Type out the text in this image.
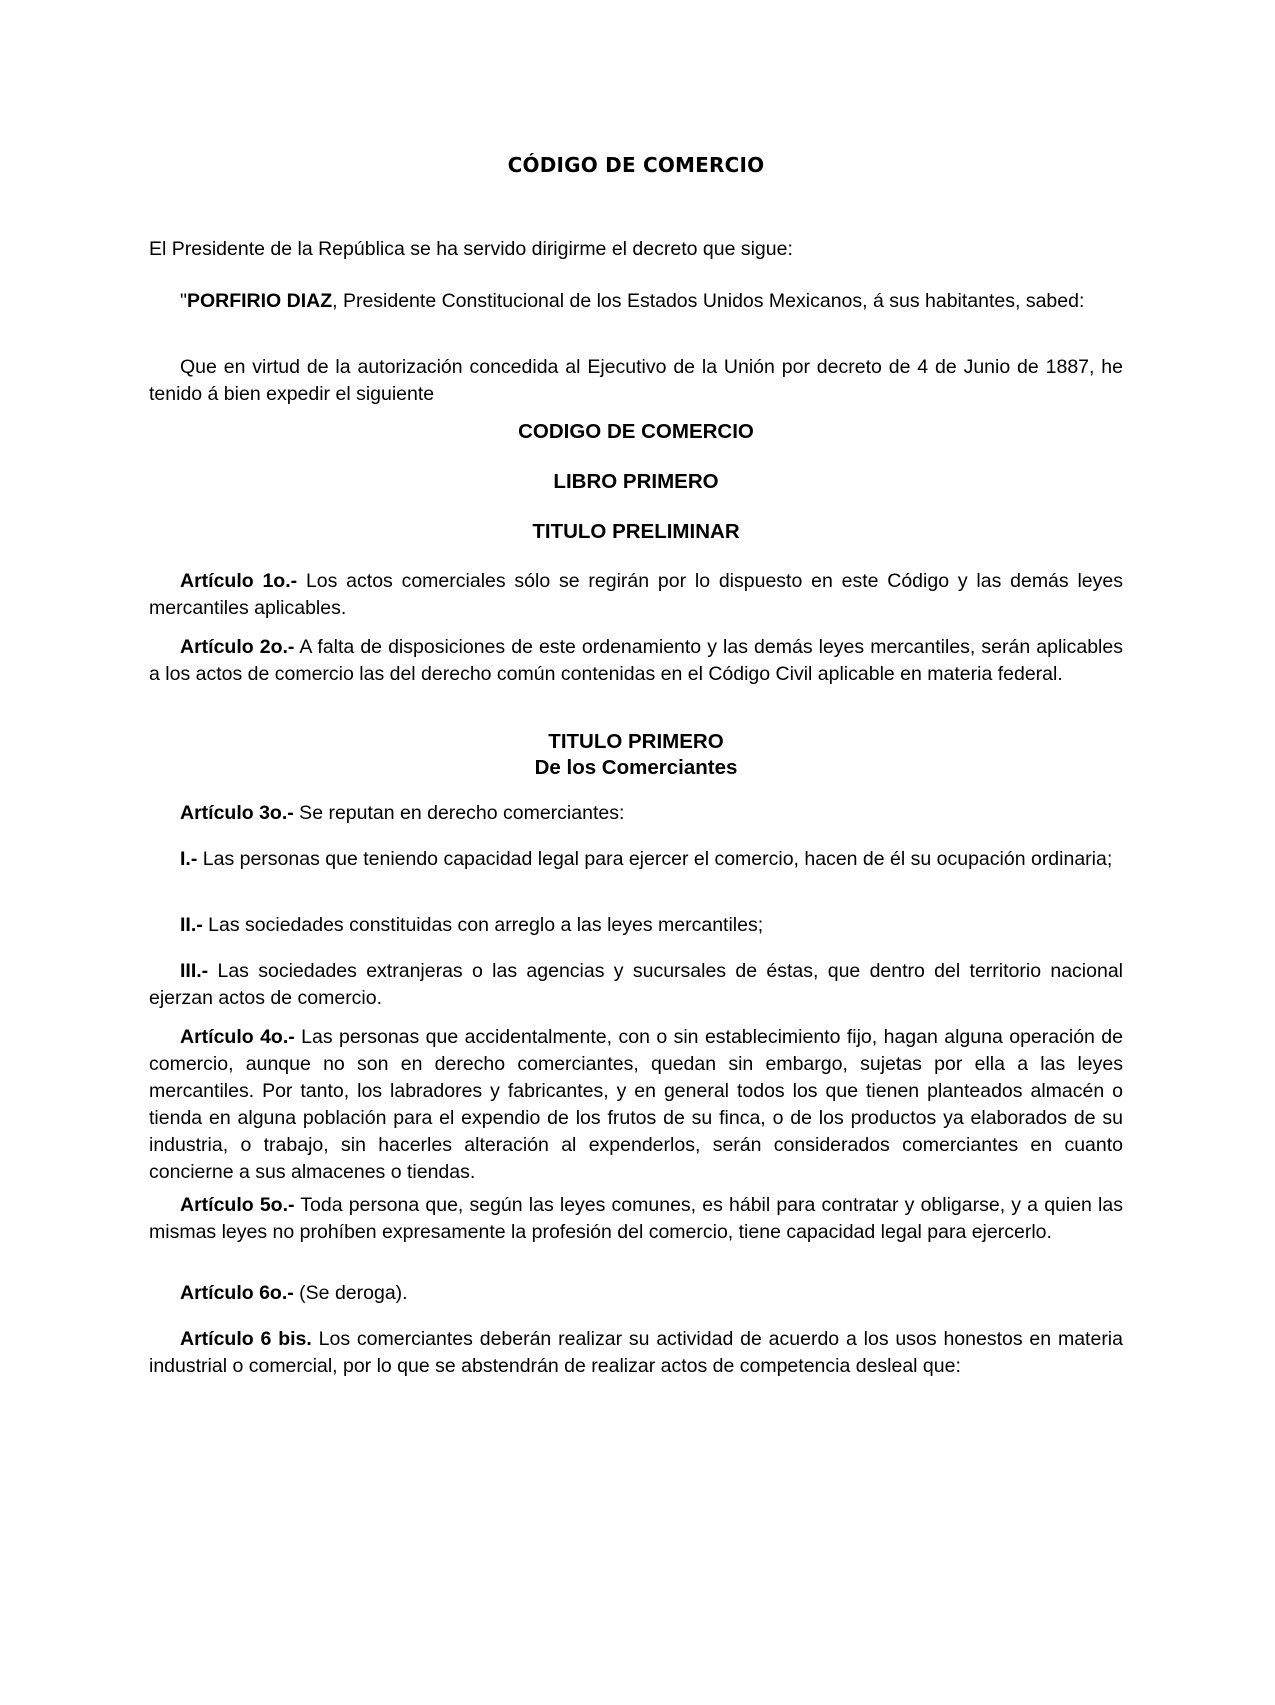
CÓDIGO DE COMERCIO

El Presidente de la República se ha servido dirigirme el decreto que sigue:

"PORFIRIO DIAZ, Presidente Constitucional de los Estados Unidos Mexicanos, á sus habitantes, sabed:

Que en virtud de la autorización concedida al Ejecutivo de la Unión por decreto de 4 de Junio de 1887, he tenido á bien expedir el siguiente

CODIGO DE COMERCIO
LIBRO PRIMERO
TITULO PRELIMINAR

Artículo 1o.- Los actos comerciales sólo se regirán por lo dispuesto en este Código y las demás leyes mercantiles aplicables.

Artículo 2o.- A falta de disposiciones de este ordenamiento y las demás leyes mercantiles, serán aplicables a los actos de comercio las del derecho común contenidas en el Código Civil aplicable en materia federal.

TITULO PRIMERO
De los Comerciantes

Artículo 3o.- Se reputan en derecho comerciantes:

I.- Las personas que teniendo capacidad legal para ejercer el comercio, hacen de él su ocupación ordinaria;

II.- Las sociedades constituidas con arreglo a las leyes mercantiles;

III.- Las sociedades extranjeras o las agencias y sucursales de éstas, que dentro del territorio nacional ejerzan actos de comercio.

Artículo 4o.- Las personas que accidentalmente, con o sin establecimiento fijo, hagan alguna operación de comercio, aunque no son en derecho comerciantes, quedan sin embargo, sujetas por ella a las leyes mercantiles. Por tanto, los labradores y fabricantes, y en general todos los que tienen planteados almacén o tienda en alguna población para el expendio de los frutos de su finca, o de los productos ya elaborados de su industria, o trabajo, sin hacerles alteración al expenderlos, serán considerados comerciantes en cuanto concierne a sus almacenes o tiendas.

Artículo 5o.- Toda persona que, según las leyes comunes, es hábil para contratar y obligarse, y a quien las mismas leyes no prohíben expresamente la profesión del comercio, tiene capacidad legal para ejercerlo.

Artículo 6o.- (Se deroga).

Artículo 6 bis. Los comerciantes deberán realizar su actividad de acuerdo a los usos honestos en materia industrial o comercial, por lo que se abstendrán de realizar actos de competencia desleal que:
